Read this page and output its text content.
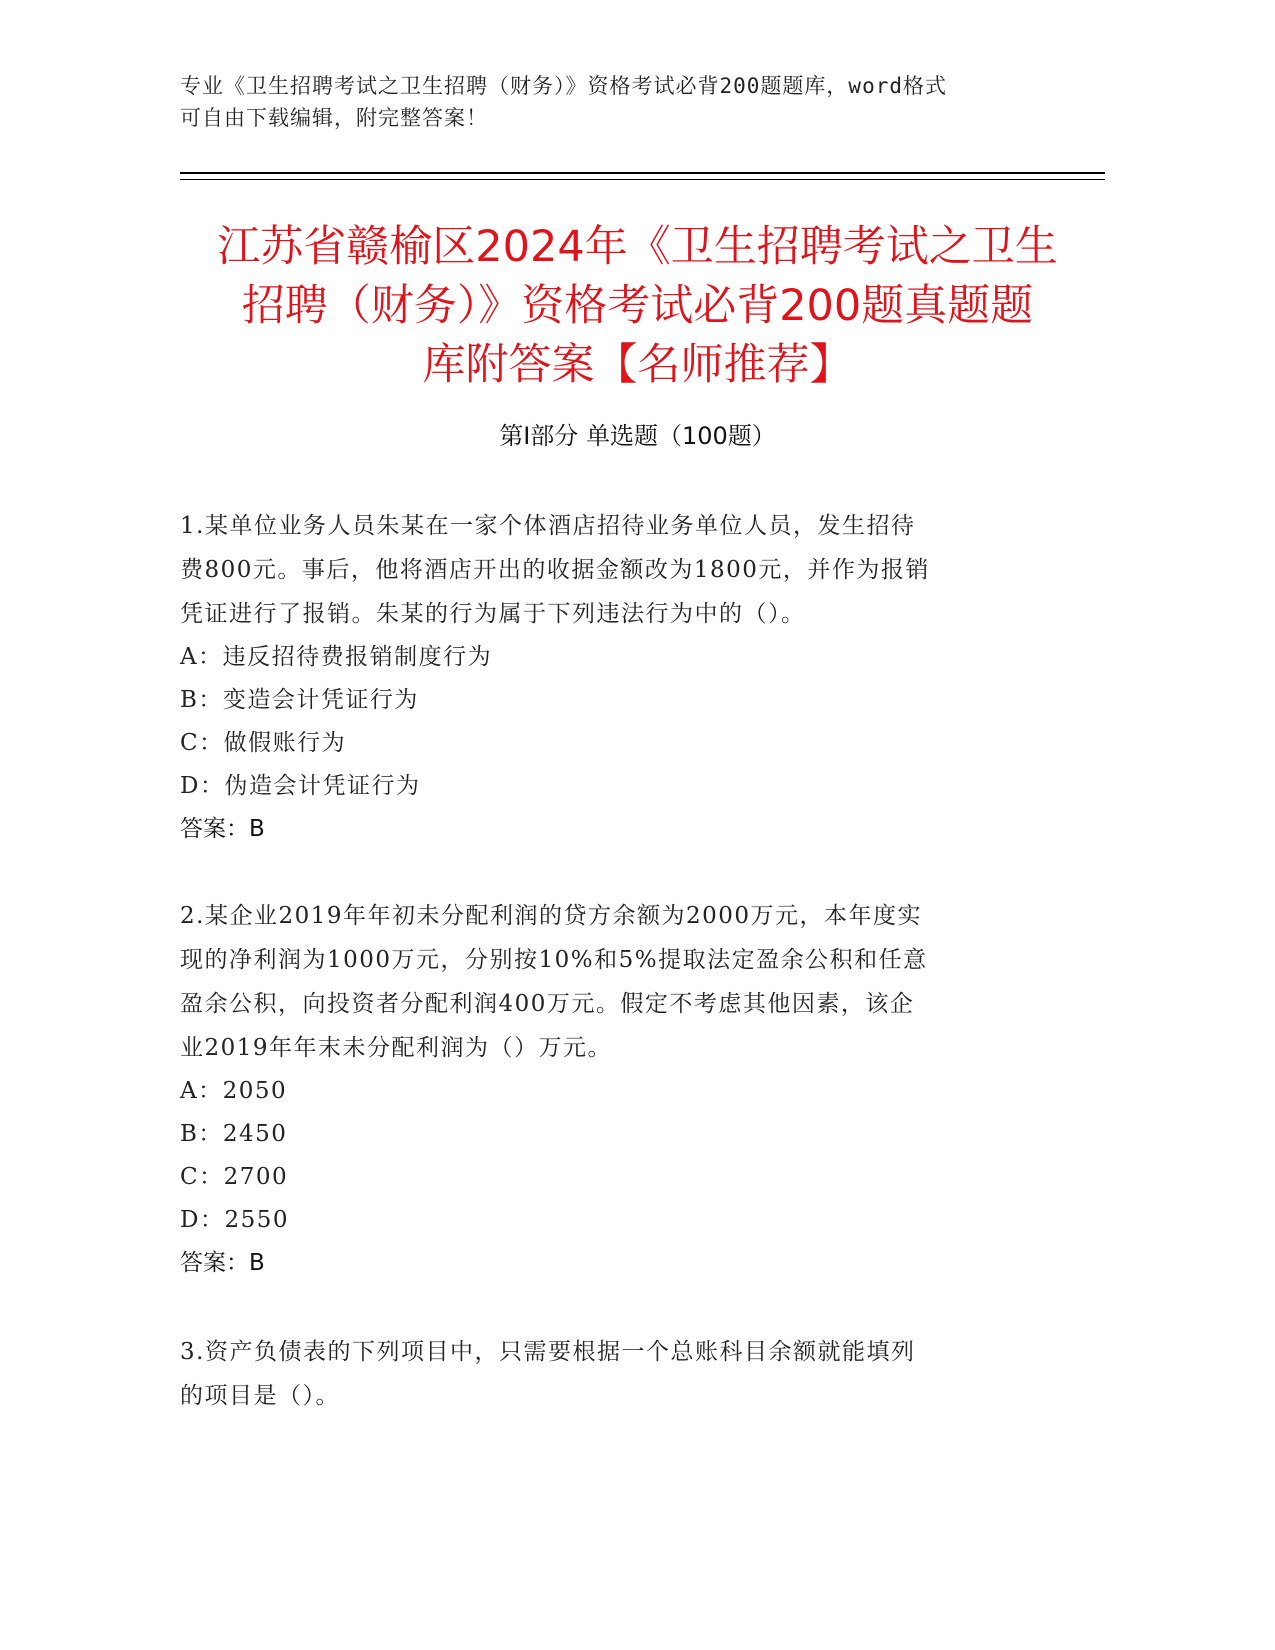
专业《卫生招聘考试之卫生招聘（财务）》资格考试必背200题题库，word格式
可自由下载编辑，附完整答案！
江苏省赣榆区2024年《卫生招聘考试之卫生
招聘（财务）》资格考试必背200题真题题
库附答案【名师推荐】
第Ⅰ部分 单选题（100题）
1.某单位业务人员朱某在一家个体酒店招待业务单位人员，发生招待
费800元。事后，他将酒店开出的收据金额改为1800元，并作为报销
凭证进行了报销。朱某的行为属于下列违法行为中的（）。
A：违反招待费报销制度行为
B：变造会计凭证行为
C：做假账行为
D：伪造会计凭证行为
答案：B
2.某企业2019年年初未分配利润的贷方余额为2000万元，本年度实
现的净利润为1000万元，分别按10%和5%提取法定盈余公积和任意
盈余公积，向投资者分配利润400万元。假定不考虑其他因素，该企
业2019年年末未分配利润为（）万元。
A：2050
B：2450
C：2700
D：2550
答案：B
3.资产负债表的下列项目中，只需要根据一个总账科目余额就能填列
的项目是（）。
